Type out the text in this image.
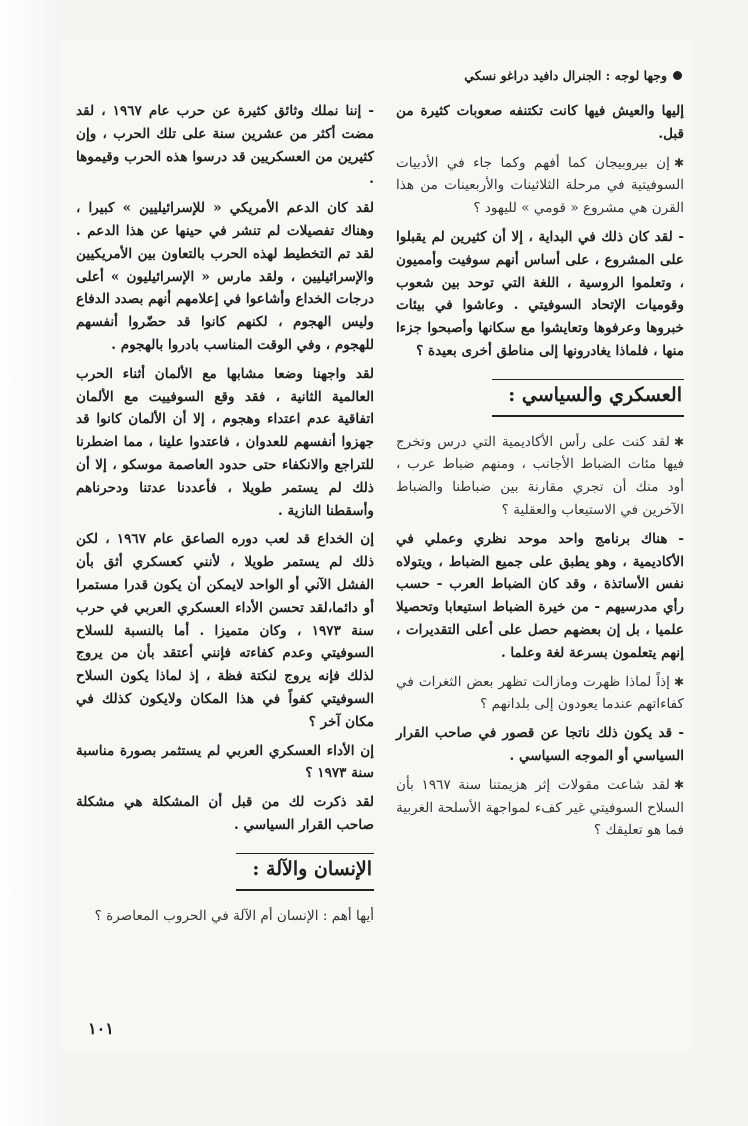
وجها لوجه : الجنرال دافيد دراغو نسكي

إليها والعيش فيها كانت تكتنفه صعوبات كثيرة من قبل.

✱إن بيروبيجان كما أفهم وكما جاء في الأدبيات السوفيتية في مرحلة الثلاثينات والأربعينات من هذا القرن هي مشروع « قومي » لليهود ؟

- لقد كان ذلك في البداية ، إلا أن كثيرين لم يقبلوا على المشروع ، على أساس أنهم سوفيت وأمميون ، وتعلموا الروسية ، اللغة التي توحد بين شعوب وقوميات الإتحاد السوفيتي . وعاشوا في بيئات خبروها وعرفوها وتعايشوا مع سكانها وأصبحوا جزءا منها ، فلماذا يغادرونها إلى مناطق أخرى بعيدة ؟

العسكري والسياسي :

✱لقد كنت على رأس الأكاديمية التي درس وتخرج فيها مئات الضباط الأجانب ، ومنهم ضباط عرب ، أود منك أن تجري مقارنة بين ضباطنا والضباط الآخرين في الاستيعاب والعقلية ؟

- هناك برنامج واحد موحد نظري وعملي في الأكاديمية ، وهو يطبق على جميع الضباط ، ويتولاه نفس الأساتذة ، وقد كان الضباط العرب - حسب رأي مدرسيهم - من خيرة الضباط استيعابا وتحصيلا علميا ، بل إن بعضهم حصل على أعلى التقديرات ، إنهم يتعلمون بسرعة لغة وعلما .

✱إذاً لماذا ظهرت ومازالت تظهر بعض الثغرات في كفاءاتهم عندما يعودون إلى بلدانهم ؟

- قد يكون ذلك ناتجا عن قصور في صاحب القرار السياسي أو الموجه السياسي .

✱لقد شاعت مقولات إثر هزيمتنا سنة ١٩٦٧ بأن السلاح السوفيتي غير كفء لمواجهة الأسلحة الغربية فما هو تعليقك ؟

- إننا نملك وثائق كثيرة عن حرب عام ١٩٦٧ ، لقد مضت أكثر من عشرين سنة على تلك الحرب ، وإن كثيرين من العسكريين قد درسوا هذه الحرب وقيموها .

لقد كان الدعم الأمريكي « للإسرائيليين » كبيرا ، وهناك تفصيلات لم تنشر في حينها عن هذا الدعم . لقد تم التخطيط لهذه الحرب بالتعاون بين الأمريكيين والإسرائيليين ، ولقد مارس « الإسرائيليون » أعلى درجات الخداع وأشاعوا في إعلامهم أنهم بصدد الدفاع وليس الهجوم ، لكنهم كانوا قد حضّروا أنفسهم للهجوم ، وفي الوقت المناسب بادروا بالهجوم .

لقد واجهنا وضعا مشابها مع الألمان أثناء الحرب العالمية الثانية ، فقد وقع السوفييت مع الألمان اتفاقية عدم اعتداء وهجوم ، إلا أن الألمان كانوا قد جهزوا أنفسهم للعدوان ، فاعتدوا علينا ، مما اضطرنا للتراجع والانكفاء حتى حدود العاصمة موسكو ، إلا أن ذلك لم يستمر طويلا ، فأعددنا عدتنا ودحرناهم وأسقطنا النازية .

إن الخداع قد لعب دوره الصاعق عام ١٩٦٧ ، لكن ذلك لم يستمر طويلا ، لأنني كعسكري أثق بأن الفشل الآني أو الواحد لايمكن أن يكون قدرا مستمرا أو دائما،لقد تحسن الأداء العسكري العربي في حرب سنة ١٩٧٣ ، وكان متميزا . أما بالنسبة للسلاح السوفيتي وعدم كفاءته فإنني أعتقد بأن من يروج لذلك فإنه يروج لنكتة فظة ، إذ لماذا يكون السلاح السوفيتي كفواً في هذا المكان ولايكون كذلك في مكان آخر ؟

إن الأداء العسكري العربي لم يستثمر بصورة مناسبة سنة ١٩٧٣ ؟

لقد ذكرت لك من قبل أن المشكلة هي مشكلة صاحب القرار السياسي .

الإنسان والآلة :

أيها أهم : الإنسان أم الآلة في الحروب المعاصرة ؟

١٠١
